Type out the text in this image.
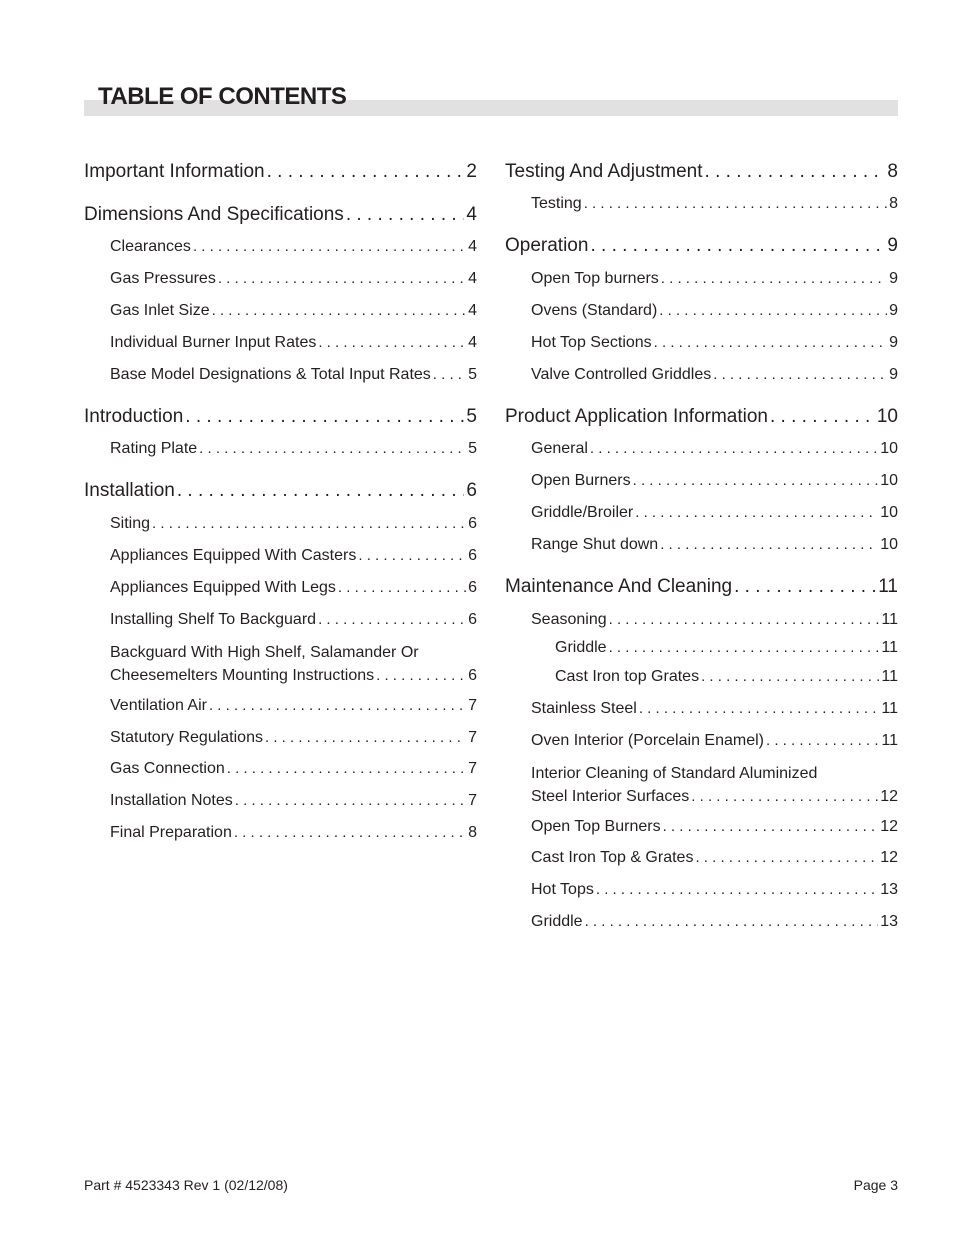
TABLE OF CONTENTS
Important Information . . .	2
Dimensions And Specifications . . .	4
Clearances . . .	4
Gas Pressures . . .	4
Gas Inlet Size . . .	4
Individual Burner Input Rates . . .	4
Base Model Designations & Total Input Rates . . . 5
Introduction . . .	5
Rating Plate . . .	5
Installation . . .	6
Siting . . .	6
Appliances Equipped With Casters . . .	6
Appliances Equipped With Legs . . .	6
Installing Shelf To Backguard . . .	6
Backguard With High Shelf, Salamander Or
Cheesemelters Mounting Instructions . . .	6
Ventilation Air . . .	7
Statutory Regulations . . .	7
Gas Connection . . .	7
Installation Notes . . .	7
Final Preparation . . .	8
Testing And Adjustment . . .	8
Testing . . .	8
Operation . . .	9
Open Top burners . . .	9
Ovens (Standard) . . .	9
Hot Top Sections . . .	9
Valve Controlled Griddles . . .	9
Product Application Information . . .	10
General . . .	10
Open Burners . . .	10
Griddle/Broiler . . .	10
Range Shut down . . .	10
Maintenance And Cleaning . . .	11
Seasoning . . .	11
Griddle . . .	11
Cast Iron top Grates . . .	11
Stainless Steel . . .	11
Oven Interior (Porcelain Enamel) . . .	11
Interior Cleaning of Standard Aluminized
Steel Interior Surfaces . . .	12
Open Top Burners . . .	12
Cast Iron Top & Grates . . .	12
Hot Tops . . .	13
Griddle . . .	13
Part # 4523343 Rev 1 (02/12/08)	Page 3
